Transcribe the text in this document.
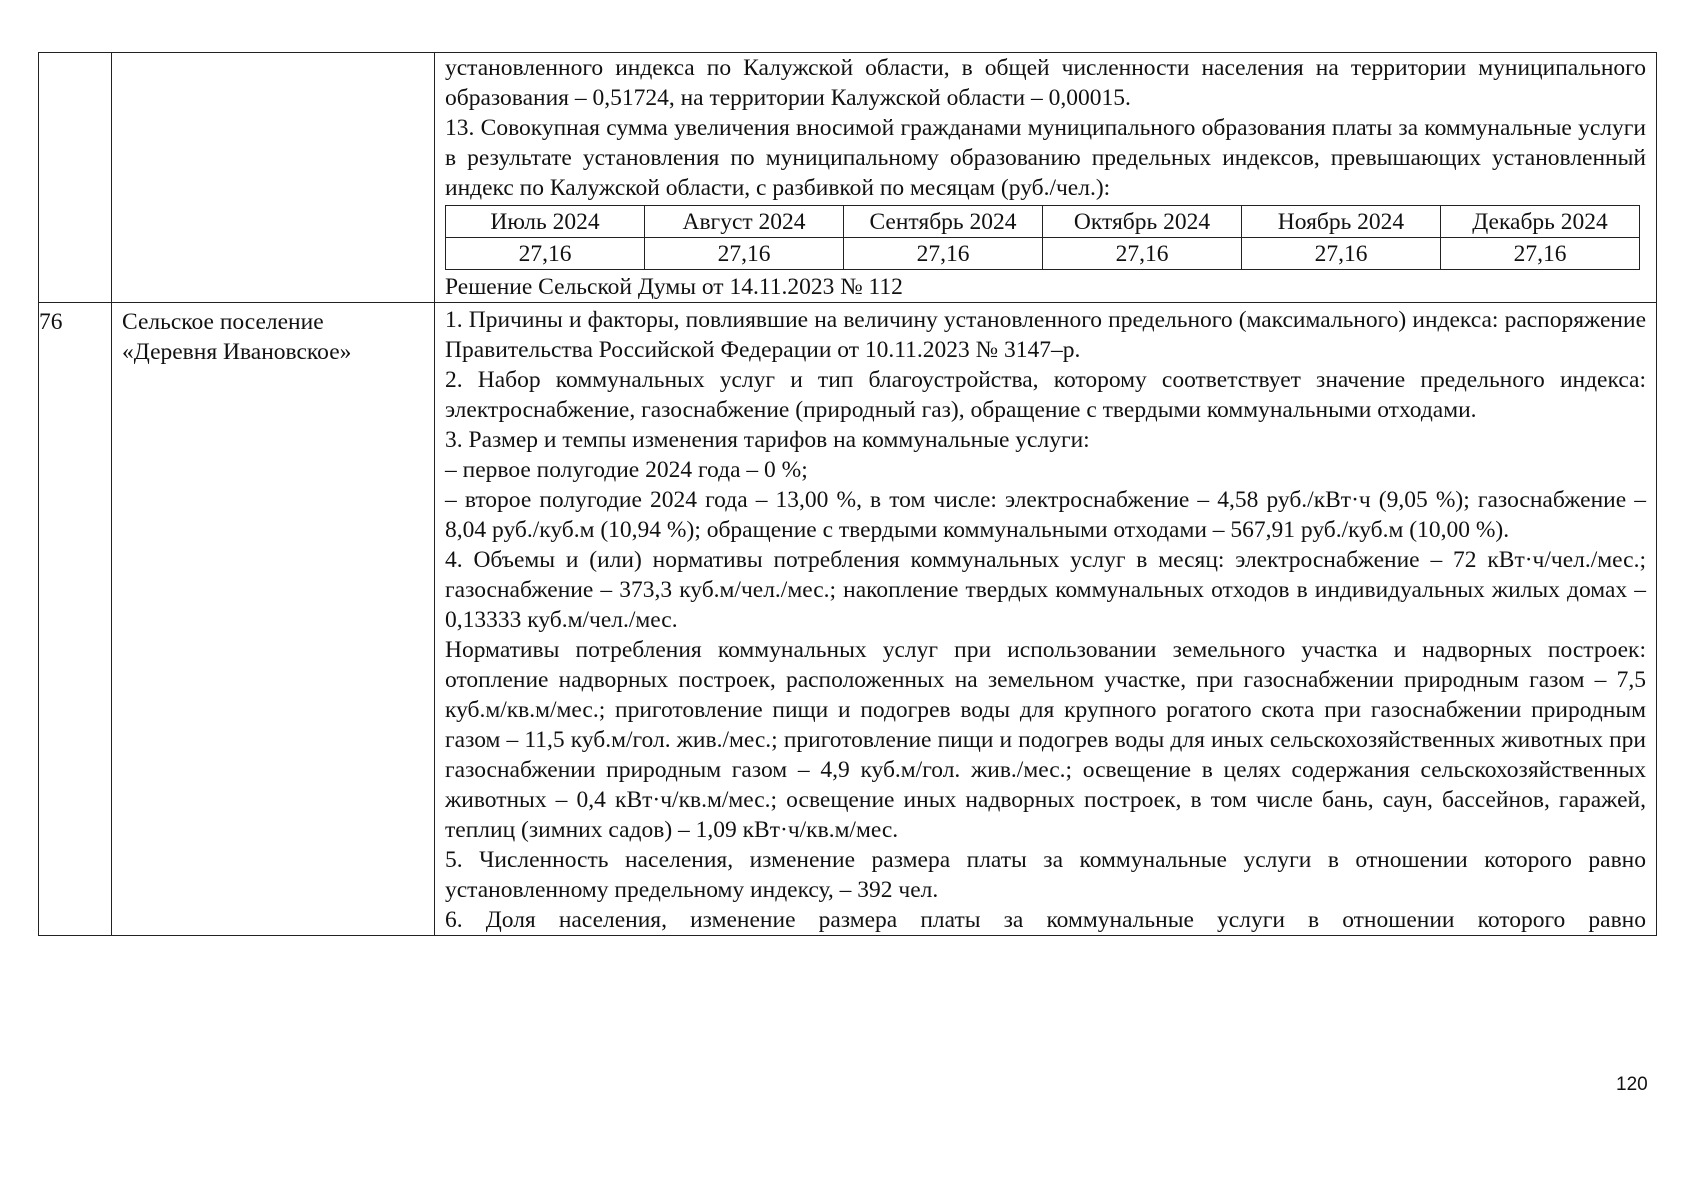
установленного индекса по Калужской области, в общей численности населения на территории муниципального образования – 0,51724, на территории Калужской области – 0,00015.

13. Совокупная сумма увеличения вносимой гражданами муниципального образования платы за коммунальные услуги в результате установления по муниципальному образованию предельных индексов, превышающих установленный индекс по Калужской области, с разбивкой по месяцам (руб./чел.):

Июль 2024	Август 2024	Сентябрь 2024	Октябрь 2024	Ноябрь 2024	Декабрь 2024
27,16	27,16	27,16	27,16	27,16	27,16

Решение Сельской Думы от 14.11.2023 № 112

76	Сельское поселение
«Деревня Ивановское»

1. Причины и факторы, повлиявшие на величину установленного предельного (максимального) индекса: распоряжение Правительства Российской Федерации от 10.11.2023 № 3147–р.

2. Набор коммунальных услуг и тип благоустройства, которому соответствует значение предельного индекса: электроснабжение, газоснабжение (природный газ), обращение с твердыми коммунальными отходами.

3. Размер и темпы изменения тарифов на коммунальные услуги:

– первое полугодие 2024 года – 0 %;

– второе полугодие 2024 года – 13,00 %, в том числе: электроснабжение – 4,58 руб./кВт·ч (9,05 %); газоснабжение – 8,04 руб./куб.м (10,94 %); обращение с твердыми коммунальными отходами – 567,91 руб./куб.м (10,00 %).

4. Объемы и (или) нормативы потребления коммунальных услуг в месяц: электроснабжение – 72 кВт·ч/чел./мес.; газоснабжение – 373,3 куб.м/чел./мес.; накопление твердых коммунальных отходов в индивидуальных жилых домах – 0,13333 куб.м/чел./мес.

Нормативы потребления коммунальных услуг при использовании земельного участка и надворных построек: отопление надворных построек, расположенных на земельном участке, при газоснабжении природным газом – 7,5 куб.м/кв.м/мес.; приготовление пищи и подогрев воды для крупного рогатого скота при газоснабжении природным газом – 11,5 куб.м/гол. жив./мес.; приготовление пищи и подогрев воды для иных сельскохозяйственных животных при газоснабжении природным газом – 4,9 куб.м/гол. жив./мес.; освещение в целях содержания сельскохозяйственных животных – 0,4 кВт·ч/кв.м/мес.; освещение иных надворных построек, в том числе бань, саун, бассейнов, гаражей, теплиц (зимних садов) – 1,09 кВт·ч/кв.м/мес.

5. Численность населения, изменение размера платы за коммунальные услуги в отношении которого равно установленному предельному индексу, – 392 чел.

6. Доля населения, изменение размера платы за коммунальные услуги в отношении которого равно

120
